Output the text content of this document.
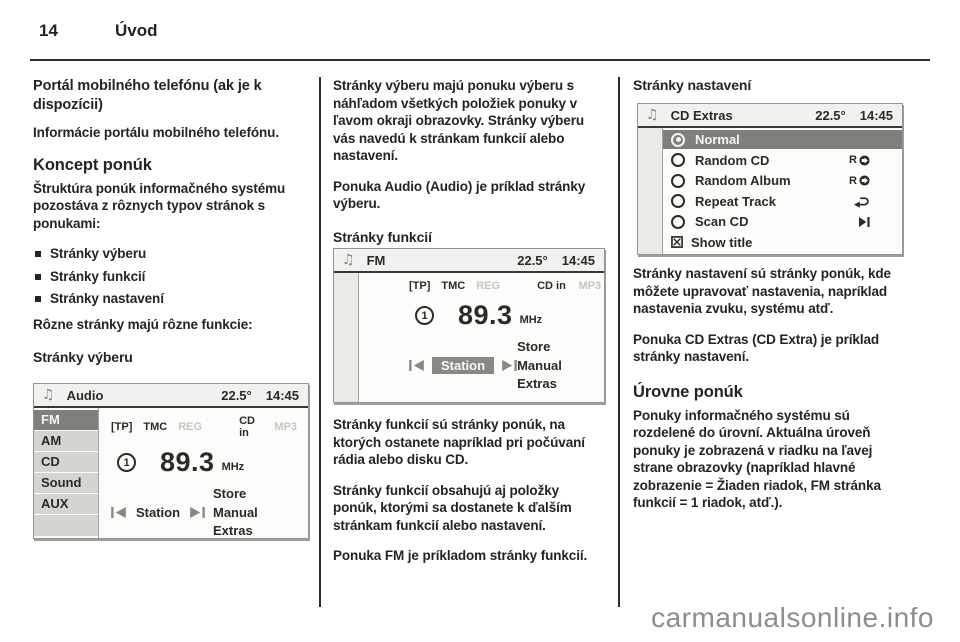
14	Úvod
Portál mobilného telefónu (ak je k dispozícii)

Informácie portálu mobilného telefónu.

Koncept ponúk

Štruktúra ponúk informačného systému pozostáva z rôznych typov stránok s ponukami:

Stránky výberu
Stránky funkcií
Stránky nastavení

Rôzne stránky majú rôzne funkcie:

Stránky výberu

Stránky výberu majú ponuku výberu s náhľadom všetkých položiek ponuky v ľavom okraji obrazovky. Stránky výberu vás navedú k stránkam funkcií alebo nastavení.

Ponuka Audio (Audio) je príklad stránky výberu.

Stránky funkcií

Stránky funkcií sú stránky ponúk, na ktorých ostanete napríklad pri počúvaní rádia alebo disku CD.

Stránky funkcií obsahujú aj položky ponúk, ktorými sa dostanete k ďalším stránkam funkcií alebo nastavení.

Ponuka FM je príkladom stránky funkcií.

Stránky nastavení

Stránky nastavení sú stránky ponúk, kde môžete upravovať nastavenia, napríklad nastavenia zvuku, systému atď.

Ponuka CD Extras (CD Extra) je príklad stránky nastavení.

Úrovne ponúk

Ponuky informačného systému sú rozdelené do úrovní. Aktuálna úroveň ponuky je zobrazená v riadku na ľavej strane obrazovky (napríklad hlavné zobrazenie = Žiaden riadok, FM stránka funkcií = 1 riadok, atď.).

♫ Audio	22.5° 14:45
FM
AM
CD
Sound
AUX
[TP] TMC REG	CD in	MP3
1 89.3 MHz
Station
Store
Manual
Extras
♫ FM	22.5° 14:45
[TP] TMC REG	CD in MP3
1 89.3 MHz
Station
Store
Manual
Extras
♫ CD Extras	22.5° 14:45
Normal
Random CD	R
Random Album	R
Repeat Track
Scan CD
Show title
carmanualsonline.info
